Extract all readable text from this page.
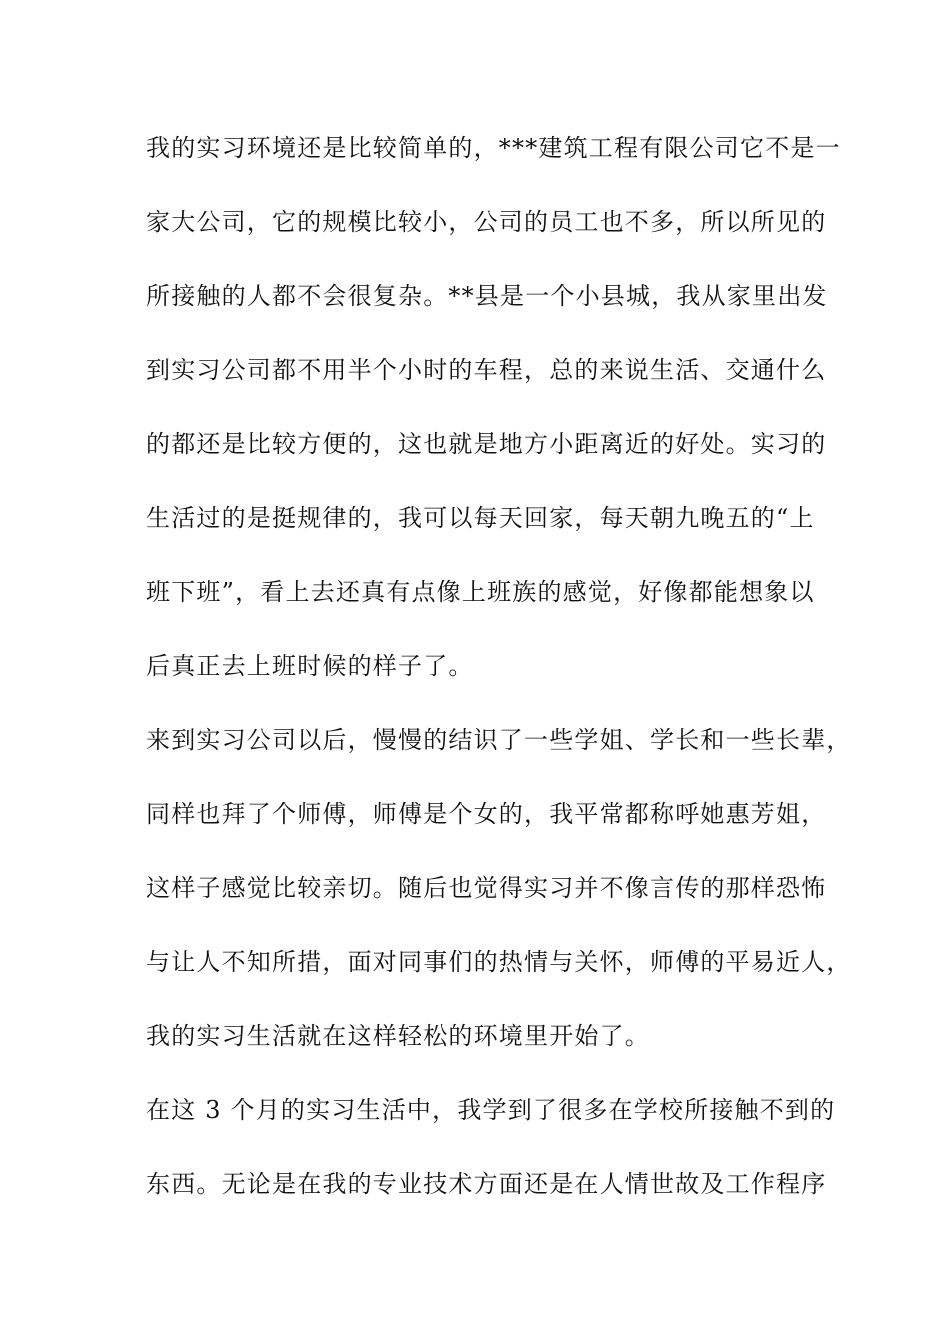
我的实习环境还是比较简单的，***建筑工程有限公司它不是一
家大公司，它的规模比较小，公司的员工也不多，所以所见的
所接触的人都不会很复杂。**县是一个小县城，我从家里出发
到实习公司都不用半个小时的车程，总的来说生活、交通什么
的都还是比较方便的，这也就是地方小距离近的好处。实习的
生活过的是挺规律的，我可以每天回家，每天朝九晚五的“上
班下班”，看上去还真有点像上班族的感觉，好像都能想象以
后真正去上班时候的样子了。
来到实习公司以后，慢慢的结识了一些学姐、学长和一些长辈，
同样也拜了个师傅，师傅是个女的，我平常都称呼她惠芳姐，
这样子感觉比较亲切。随后也觉得实习并不像言传的那样恐怖
与让人不知所措，面对同事们的热情与关怀，师傅的平易近人，
我的实习生活就在这样轻松的环境里开始了。
在这 3 个月的实习生活中，我学到了很多在学校所接触不到的
东西。无论是在我的专业技术方面还是在人情世故及工作程序
